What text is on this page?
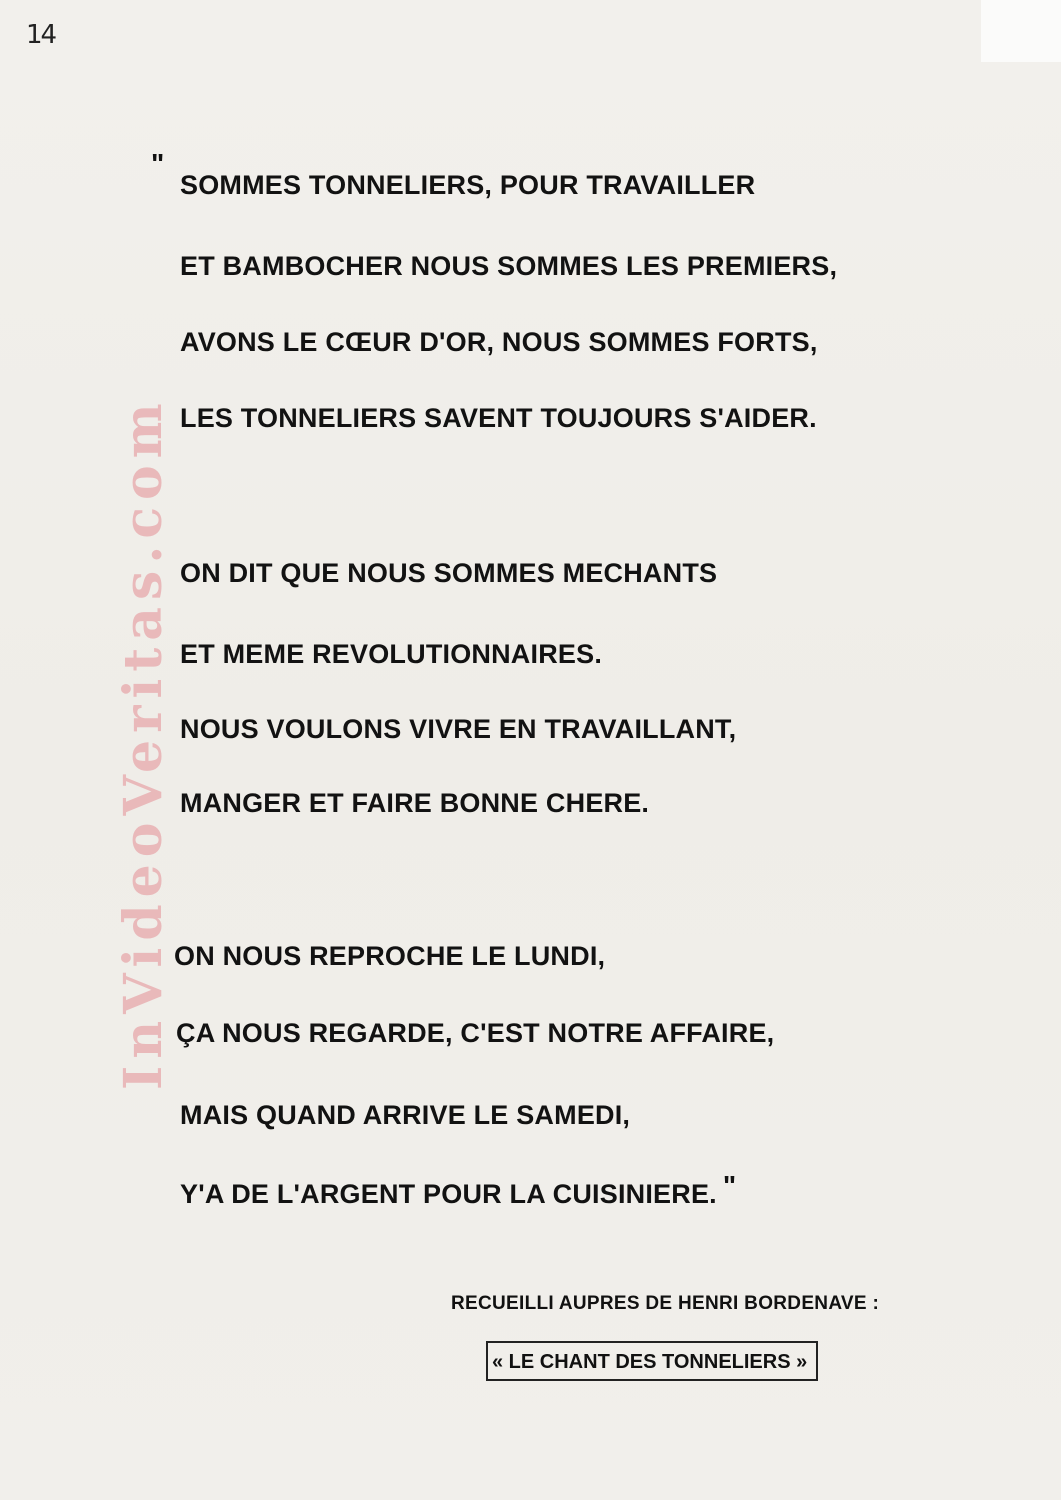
14
InVideoVeritas.com
"
SOMMES TONNELIERS, POUR TRAVAILLER
ET BAMBOCHER NOUS SOMMES LES PREMIERS,
AVONS LE CŒUR D'OR, NOUS SOMMES FORTS,
LES TONNELIERS SAVENT TOUJOURS S'AIDER.
ON DIT QUE NOUS SOMMES MECHANTS
ET MEME REVOLUTIONNAIRES.
NOUS VOULONS VIVRE EN TRAVAILLANT,
MANGER ET FAIRE BONNE CHERE.
ON NOUS REPROCHE LE LUNDI,
ÇA NOUS REGARDE, C'EST NOTRE AFFAIRE,
MAIS QUAND ARRIVE LE SAMEDI,
Y'A DE L'ARGENT POUR LA CUISINIERE. "
RECUEILLI AUPRES DE HENRI BORDENAVE :
« LE CHANT DES TONNELIERS »
